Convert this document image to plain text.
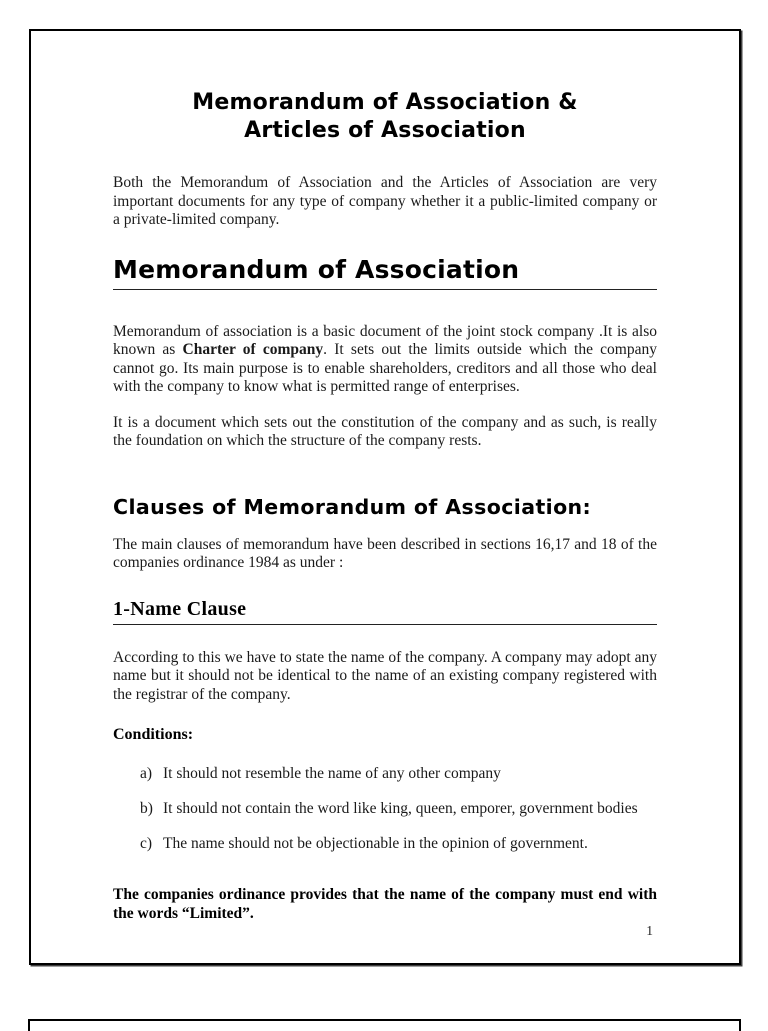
Memorandum of Association &
Articles of Association

Both the Memorandum of Association and the Articles of Association are very important documents for any type of company whether it a public-limited company or a private-limited company.

Memorandum of Association

Memorandum of association is a basic document of the joint stock company .It is also known as Charter of company. It sets out the limits outside which the company cannot go. Its main purpose is to enable shareholders, creditors and all those who deal with the company to know what is permitted range of enterprises.

It is a document which sets out the constitution of the company and as such, is really the foundation on which the structure of the company rests.

Clauses of Memorandum of Association:

The main clauses of memorandum have been described in sections 16,17 and 18 of the companies ordinance 1984 as under :

1-Name Clause

According to this we have to state the name of the company. A company may adopt any name but it should not be identical to the name of an existing company registered with the registrar of the company.

Conditions:

a) It should not resemble the name of any other company
b) It should not contain the word like king, queen, emporer, government bodies
c) The name should not be objectionable in the opinion of government.

The companies ordinance provides that the name of the company must end with the words “Limited”.

1
